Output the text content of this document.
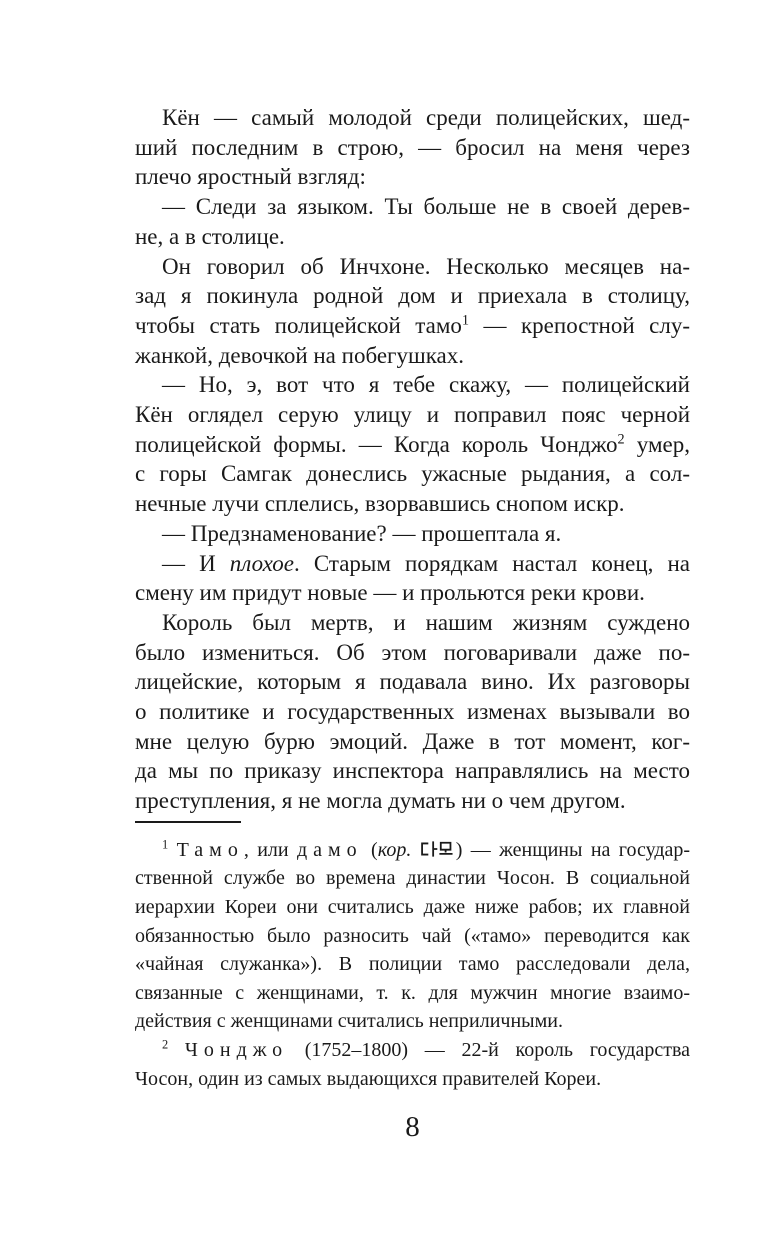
Кён — самый молодой среди полицейских, шед-
ший последним в строю, — бросил на меня через
плечо яростный взгляд:
— Следи за языком. Ты больше не в своей дерев-
не, а в столице.
Он говорил об Инчхоне. Несколько месяцев на-
зад я покинула родной дом и приехала в столицу,
чтобы стать полицейской тамо$^1$ — крепостной слу-
жанкой, девочкой на побегушках.
— Но, э, вот что я тебе скажу, — полицейский
Кён оглядел серую улицу и поправил пояс черной
полицейской формы. — Когда король Чонджо$^2$ умер,
с горы Самгак донеслись ужасные рыдания, а сол-
нечные лучи сплелись, взорвавшись снопом искр.
— Предзнаменование? — прошептала я.
— И плохое. Старым порядкам настал конец, на
смену им придут новые — и прольются реки крови.
Король был мертв, и нашим жизням суждено
было измениться. Об этом поговаривали даже по-
лицейские, которым я подавала вино. Их разговоры
о политике и государственных изменах вызывали во
мне целую бурю эмоций. Даже в тот момент, ког-
да мы по приказу инспектора направлялись на место
преступления, я не могла думать ни о чем другом.
$^1$ Тамо, или дамо (кор. ) — женщины на государ-
ственной службе во времена династии Чосон. В социальной
иерархии Кореи они считались даже ниже рабов; их главной
обязанностью было разносить чай («тамо» переводится как
«чайная служанка»). В полиции тамо расследовали дела,
связанные с женщинами, т. к. для мужчин многие взаимо-
действия с женщинами считались неприличными.
$^2$ Чонджо (1752–1800) — 22-й король государства
Чосон, один из самых выдающихся правителей Кореи.
8
